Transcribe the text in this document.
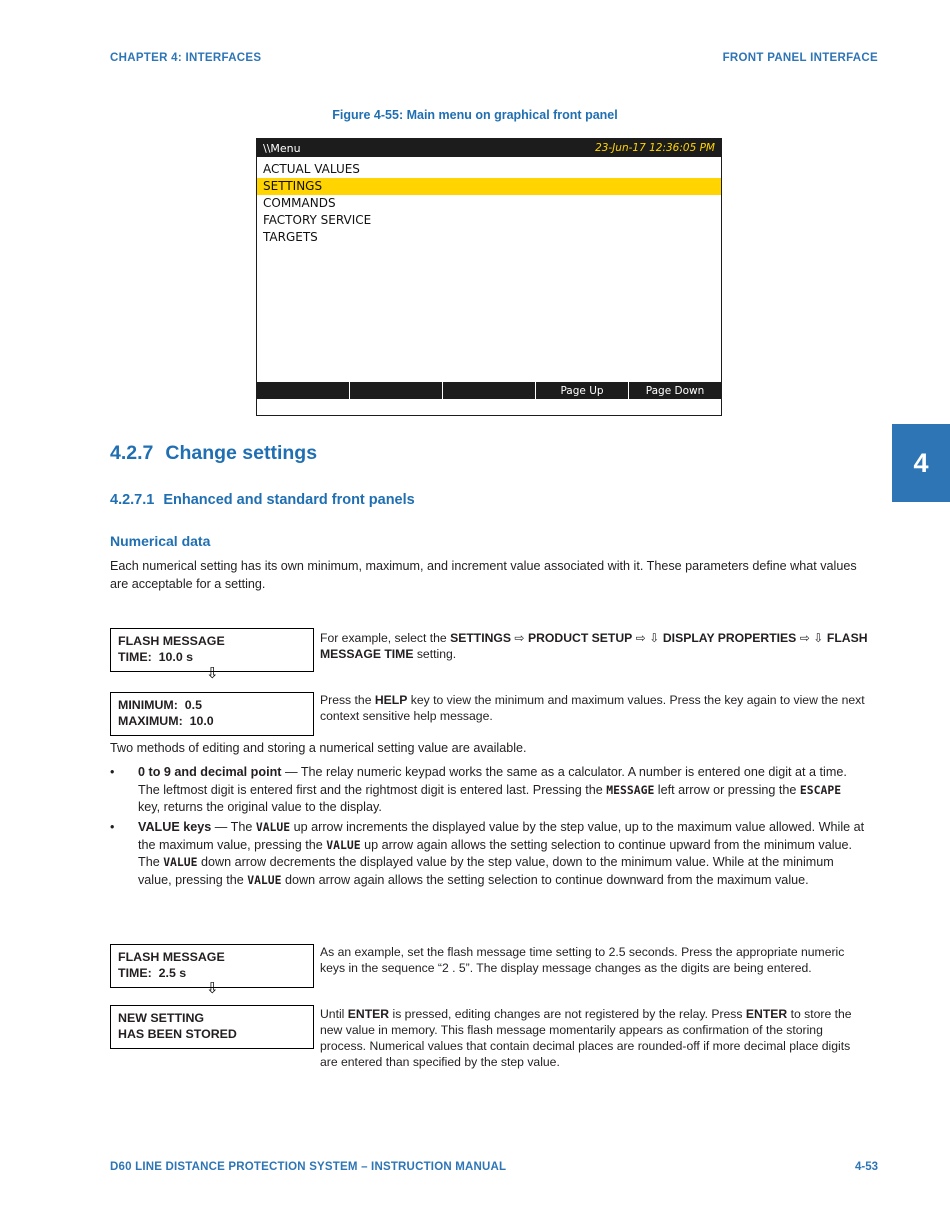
CHAPTER 4: INTERFACES	FRONT PANEL INTERFACE
Figure 4-55: Main menu on graphical front panel
\\Menu	23-Jun-17 12:36:05 PM
ACTUAL VALUES
SETTINGS
COMMANDS
FACTORY SERVICE
TARGETS
Page Up	Page Down
4
4.2.7 Change settings
4.2.7.1 Enhanced and standard front panels
Numerical data
Each numerical setting has its own minimum, maximum, and increment value associated with it. These parameters define what values are acceptable for a setting.
FLASH MESSAGE
TIME:  10.0 s
⇩
For example, select the SETTINGS ⇨ PRODUCT SETUP ⇨ ⇩ DISPLAY PROPERTIES ⇨ ⇩ FLASH MESSAGE TIME setting.
MINIMUM:  0.5
MAXIMUM:  10.0
Press the HELP key to view the minimum and maximum values. Press the key again to view the next context sensitive help message.
Two methods of editing and storing a numerical setting value are available.
•	0 to 9 and decimal point — The relay numeric keypad works the same as a calculator. A number is entered one digit at a time. The leftmost digit is entered first and the rightmost digit is entered last. Pressing the MESSAGE left arrow or pressing the ESCAPE key, returns the original value to the display.
•	VALUE keys — The VALUE up arrow increments the displayed value by the step value, up to the maximum value allowed. While at the maximum value, pressing the VALUE up arrow again allows the setting selection to continue upward from the minimum value. The VALUE down arrow decrements the displayed value by the step value, down to the minimum value. While at the minimum value, pressing the VALUE down arrow again allows the setting selection to continue downward from the maximum value.
FLASH MESSAGE
TIME:  2.5 s
⇩
As an example, set the flash message time setting to 2.5 seconds. Press the appropriate numeric keys in the sequence “2 . 5”. The display message changes as the digits are being entered.
NEW SETTING
HAS BEEN STORED
Until ENTER is pressed, editing changes are not registered by the relay. Press ENTER to store the new value in memory. This flash message momentarily appears as confirmation of the storing process. Numerical values that contain decimal places are rounded-off if more decimal place digits are entered than specified by the step value.
D60 LINE DISTANCE PROTECTION SYSTEM – INSTRUCTION MANUAL	4-53
